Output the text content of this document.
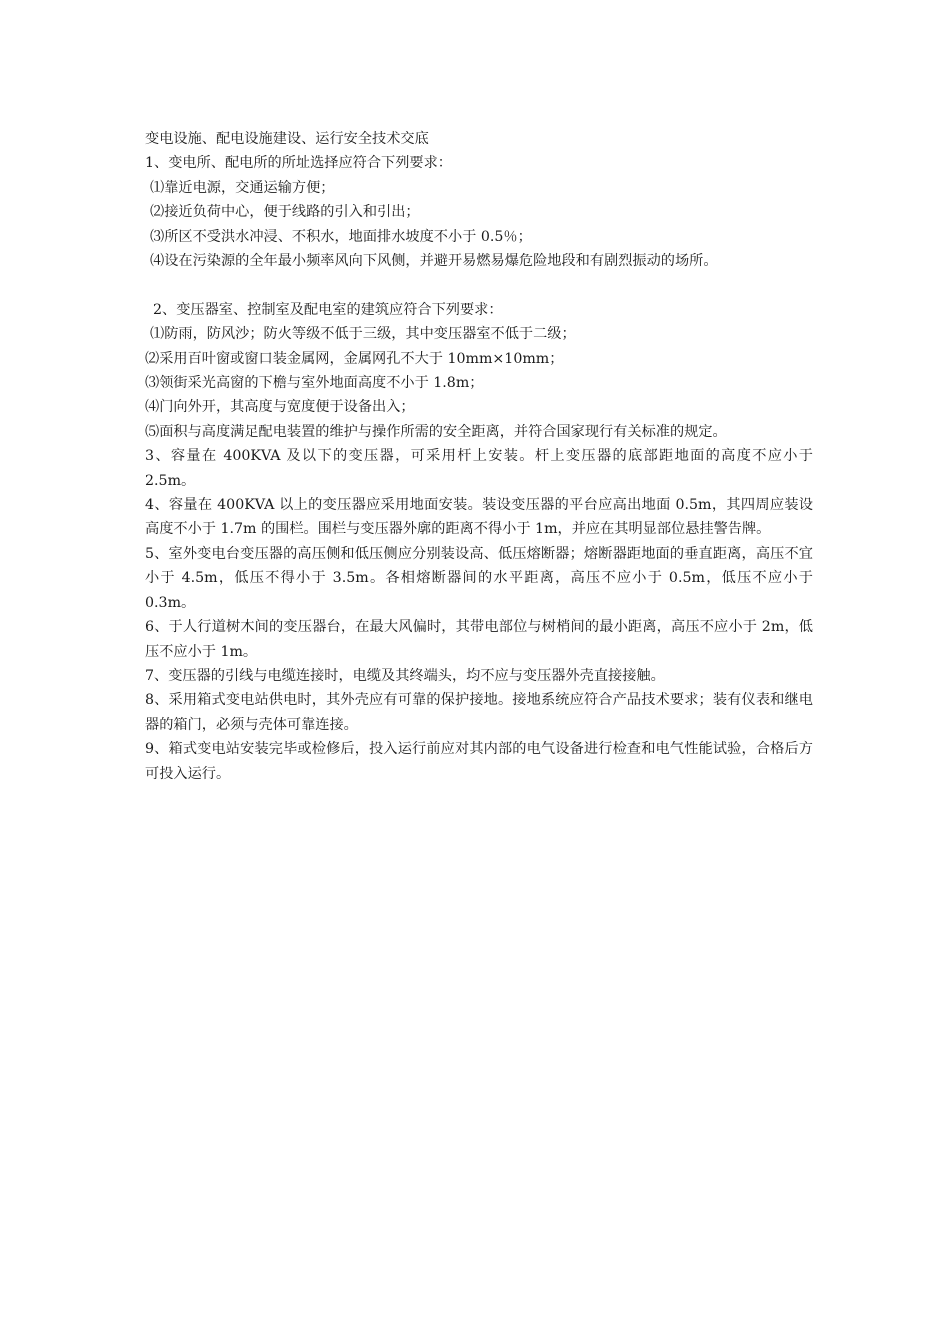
变电设施、配电设施建设、运行安全技术交底

1、变电所、配电所的所址选择应符合下列要求：

⑴靠近电源，交通运输方便；

⑵接近负荷中心，便于线路的引入和引出；

⑶所区不受洪水冲浸、不积水，地面排水坡度不小于 0.5％；

⑷设在污染源的全年最小频率风向下风侧，并避开易燃易爆危险地段和有剧烈振动的场所。

2、变压器室、控制室及配电室的建筑应符合下列要求：

⑴防雨，防风沙；防火等级不低于三级，其中变压器室不低于二级；

⑵采用百叶窗或窗口装金属网，金属网孔不大于 10mm×10mm；

⑶领街采光高窗的下檐与室外地面高度不小于 1.8m；

⑷门向外开，其高度与宽度便于设备出入；

⑸面积与高度满足配电装置的维护与操作所需的安全距离，并符合国家现行有关标准的规定。

3、容量在 400KVA 及以下的变压器，可采用杆上安装。杆上变压器的底部距地面的高度不应小于 2.5m。

4、容量在 400KVA 以上的变压器应采用地面安装。装设变压器的平台应高出地面 0.5m，其四周应装设高度不小于 1.7m 的围栏。围栏与变压器外廓的距离不得小于 1m，并应在其明显部位悬挂警告牌。

5、室外变电台变压器的高压侧和低压侧应分别装设高、低压熔断器；熔断器距地面的垂直距离，高压不宜小于 4.5m，低压不得小于 3.5m。各相熔断器间的水平距离，高压不应小于 0.5m，低压不应小于 0.3m。

6、于人行道树木间的变压器台，在最大风偏时，其带电部位与树梢间的最小距离，高压不应小于 2m，低压不应小于 1m。

7、变压器的引线与电缆连接时，电缆及其终端头，均不应与变压器外壳直接接触。

8、采用箱式变电站供电时，其外壳应有可靠的保护接地。接地系统应符合产品技术要求；装有仪表和继电器的箱门，必须与壳体可靠连接。

9、箱式变电站安装完毕或检修后，投入运行前应对其内部的电气设备进行检查和电气性能试验，合格后方可投入运行。
